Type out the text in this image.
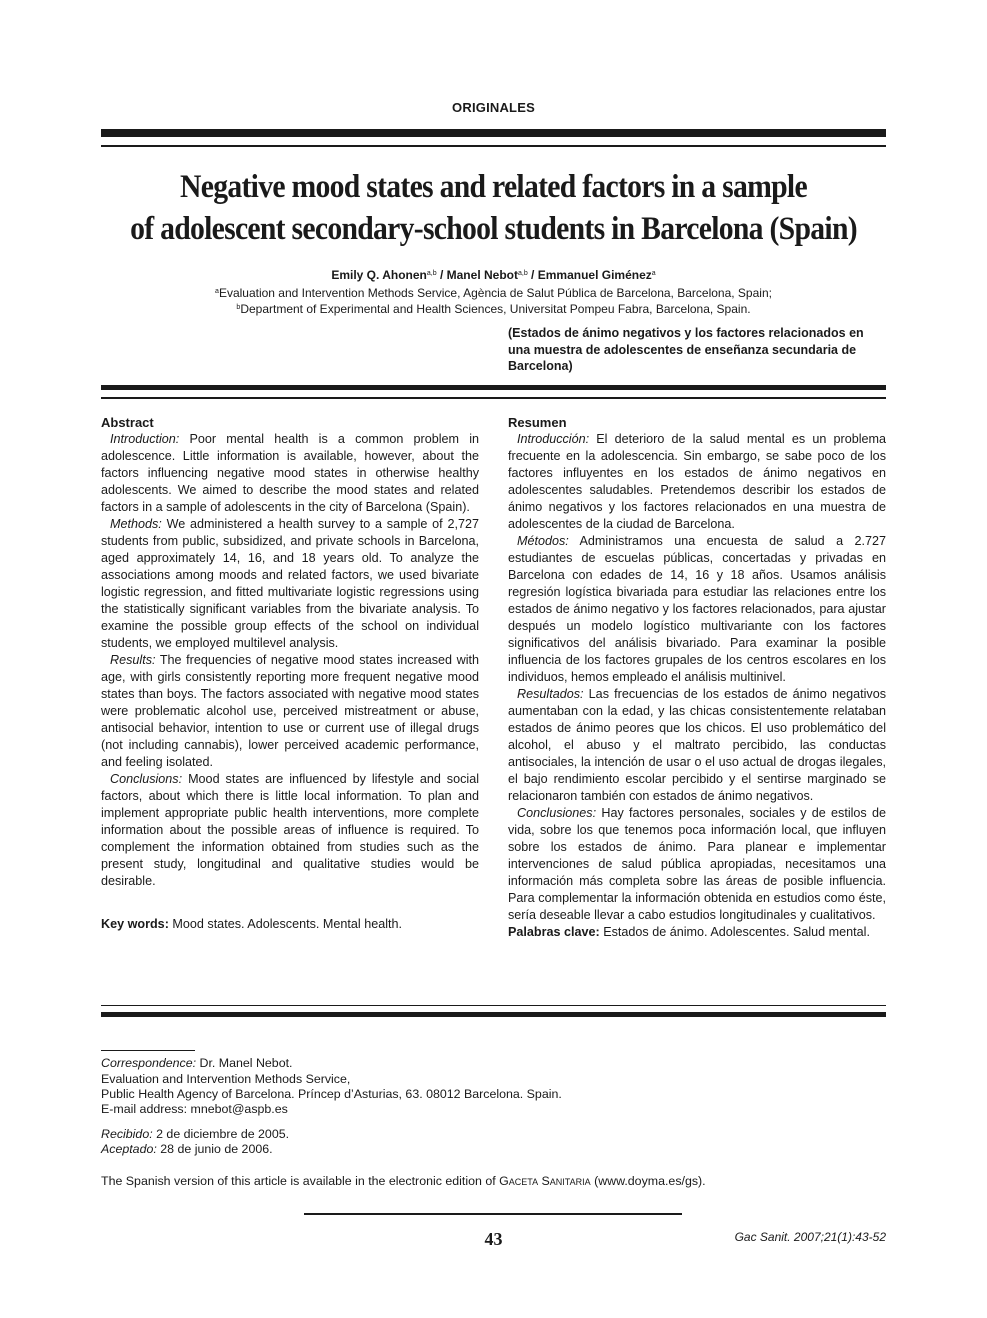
ORIGINALES
Negative mood states and related factors in a sample
of adolescent secondary-school students in Barcelona (Spain)
Emily Q. Ahonen$^{a,b}$ / Manel Nebot$^{a,b}$ / Emmanuel Giménez$^a$
$^a$Evaluation and Intervention Methods Service, Agència de Salut Pública de Barcelona, Barcelona, Spain;
$^b$Department of Experimental and Health Sciences, Universitat Pompeu Fabra, Barcelona, Spain.
(Estados de ánimo negativos y los factores relacionados en una muestra de adolescentes de enseñanza secundaria de Barcelona)
Abstract

Introduction: Poor mental health is a common problem in adolescence. Little information is available, however, about the factors influencing negative mood states in otherwise healthy adolescents. We aimed to describe the mood states and related factors in a sample of adolescents in the city of Barcelona (Spain).

Methods: We administered a health survey to a sample of 2,727 students from public, subsidized, and private schools in Barcelona, aged approximately 14, 16, and 18 years old. To analyze the associations among moods and related factors, we used bivariate logistic regression, and fitted multivariate logistic regressions using the statistically significant variables from the bivariate analysis. To examine the possible group effects of the school on individual students, we employed multilevel analysis.

Results: The frequencies of negative mood states increased with age, with girls consistently reporting more frequent negative mood states than boys. The factors associated with negative mood states were problematic alcohol use, perceived mistreatment or abuse, antisocial behavior, intention to use or current use of illegal drugs (not including cannabis), lower perceived academic performance, and feeling isolated.

Conclusions: Mood states are influenced by lifestyle and social factors, about which there is little local information. To plan and implement appropriate public health interventions, more complete information about the possible areas of influence is required. To complement the information obtained from studies such as the present study, longitudinal and qualitative studies would be desirable.

Key words: Mood states. Adolescents. Mental health.

Resumen

Introducción: El deterioro de la salud mental es un problema frecuente en la adolescencia. Sin embargo, se sabe poco de los factores influyentes en los estados de ánimo negativos en adolescentes saludables. Pretendemos describir los estados de ánimo negativos y los factores relacionados en una muestra de adolescentes de la ciudad de Barcelona.

Métodos: Administramos una encuesta de salud a 2.727 estudiantes de escuelas públicas, concertadas y privadas en Barcelona con edades de 14, 16 y 18 años. Usamos análisis regresión logística bivariada para estudiar las relaciones entre los estados de ánimo negativo y los factores relacionados, para ajustar después un modelo logístico multivariante con los factores significativos del análisis bivariado. Para examinar la posible influencia de los factores grupales de los centros escolares en los individuos, hemos empleado el análisis multinivel.

Resultados: Las frecuencias de los estados de ánimo negativos aumentaban con la edad, y las chicas consistentemente relataban estados de ánimo peores que los chicos. El uso problemático del alcohol, el abuso y el maltrato percibido, las conductas antisociales, la intención de usar o el uso actual de drogas ilegales, el bajo rendimiento escolar percibido y el sentirse marginado se relacionaron también con estados de ánimo negativos.

Conclusiones: Hay factores personales, sociales y de estilos de vida, sobre los que tenemos poca información local, que influyen sobre los estados de ánimo. Para planear e implementar intervenciones de salud pública apropiadas, necesitamos una información más completa sobre las áreas de posible influencia. Para complementar la información obtenida en estudios como éste, sería deseable llevar a cabo estudios longitudinales y cualitativos.

Palabras clave: Estados de ánimo. Adolescentes. Salud mental.

Correspondence: Dr. Manel Nebot.
Evaluation and Intervention Methods Service,
Public Health Agency of Barcelona. Príncep d’Asturias, 63. 08012 Barcelona. Spain.
E-mail address: mnebot@aspb.es
Recibido: 2 de diciembre de 2005.
Aceptado: 28 de junio de 2006.
The Spanish version of this article is available in the electronic edition of Gaceta Sanitaria (www.doyma.es/gs).
43	Gac Sanit. 2007;21(1):43-52
